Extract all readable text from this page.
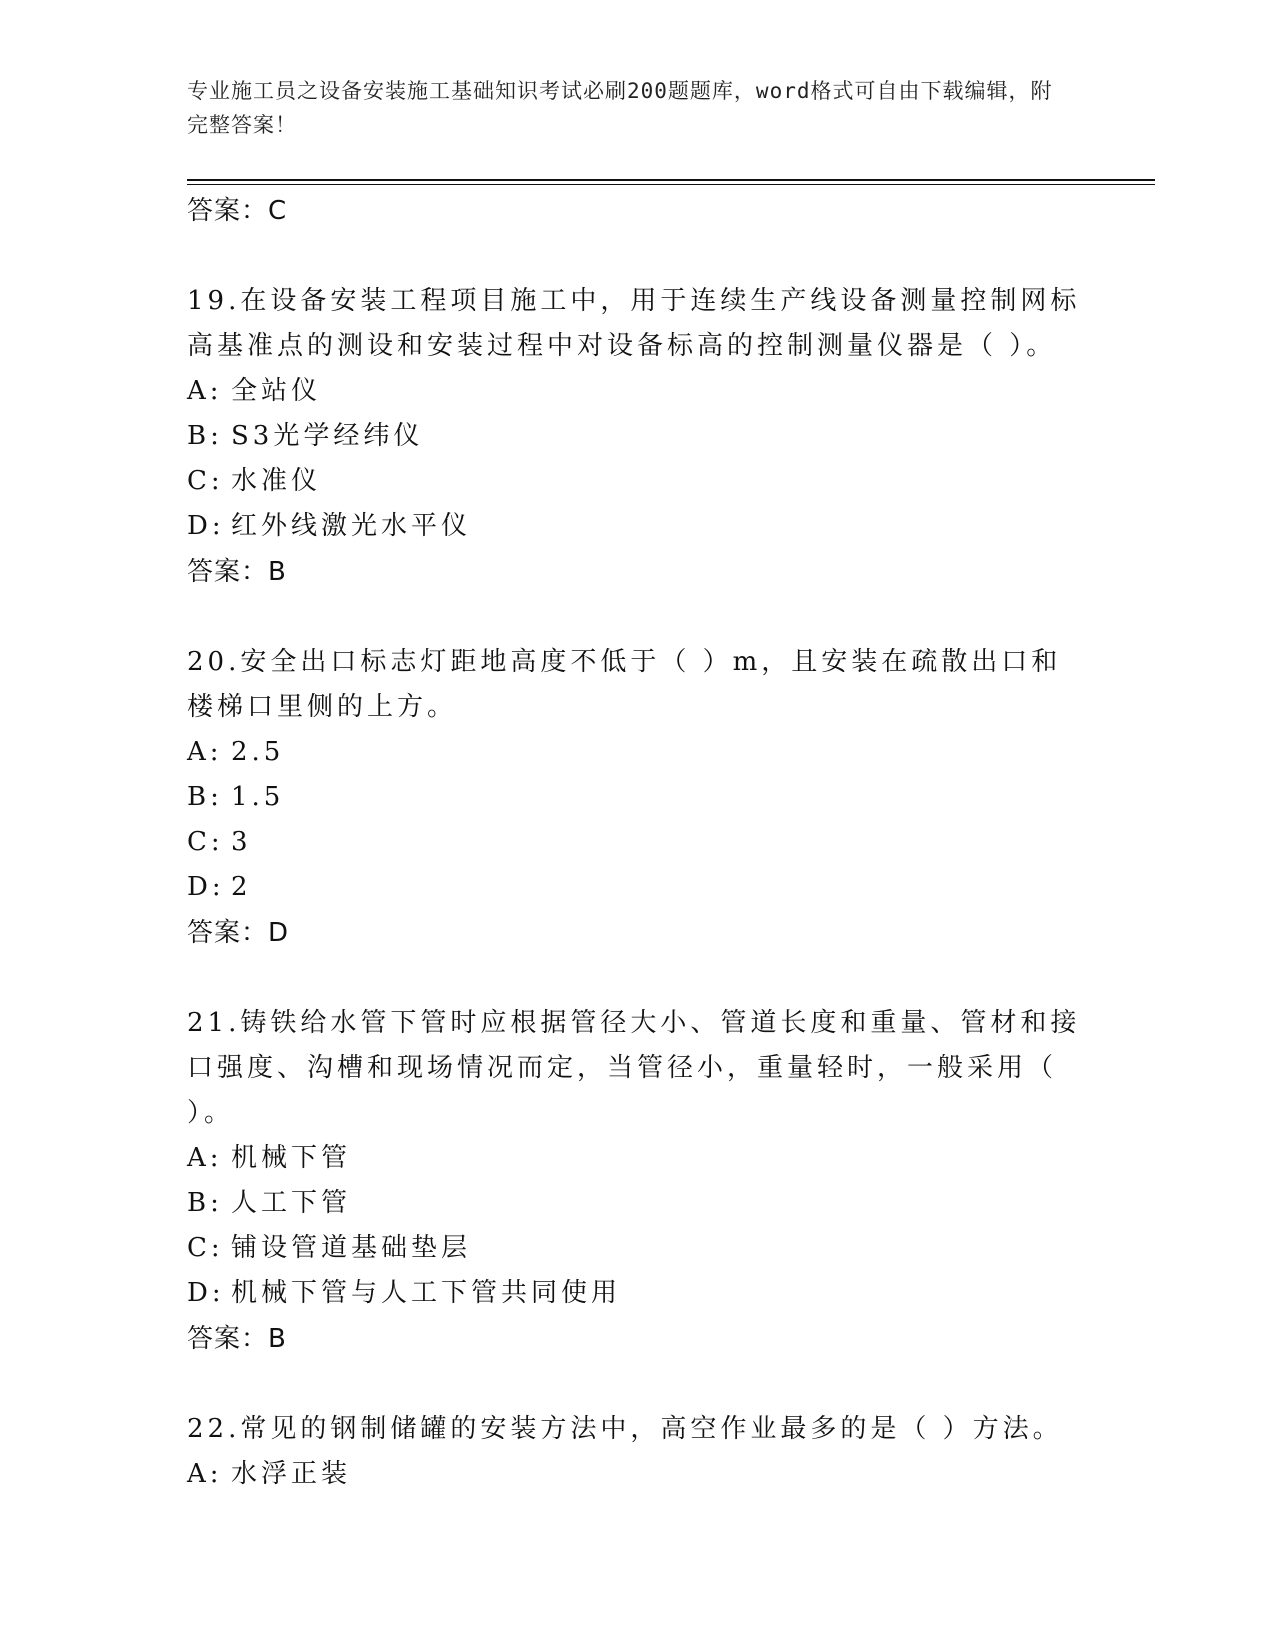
专业施工员之设备安装施工基础知识考试必刷200题题库，word格式可自由下载编辑，附完整答案！
答案：C
19.在设备安装工程项目施工中，用于连续生产线设备测量控制网标高基准点的测设和安装过程中对设备标高的控制测量仪器是（ ）。
A: 全站仪
B: S3光学经纬仪
C: 水准仪
D: 红外线激光水平仪
答案：B
20.安全出口标志灯距地高度不低于（ ）m，且安装在疏散出口和楼梯口里侧的上方。
A: 2.5
B: 1.5
C: 3
D: 2
答案：D
21.铸铁给水管下管时应根据管径大小、管道长度和重量、管材和接口强度、沟槽和现场情况而定，当管径小，重量轻时，一般采用（ ）。
A: 机械下管
B: 人工下管
C: 铺设管道基础垫层
D: 机械下管与人工下管共同使用
答案：B
22.常见的钢制储罐的安装方法中，高空作业最多的是（ ）方法。
A: 水浮正装
